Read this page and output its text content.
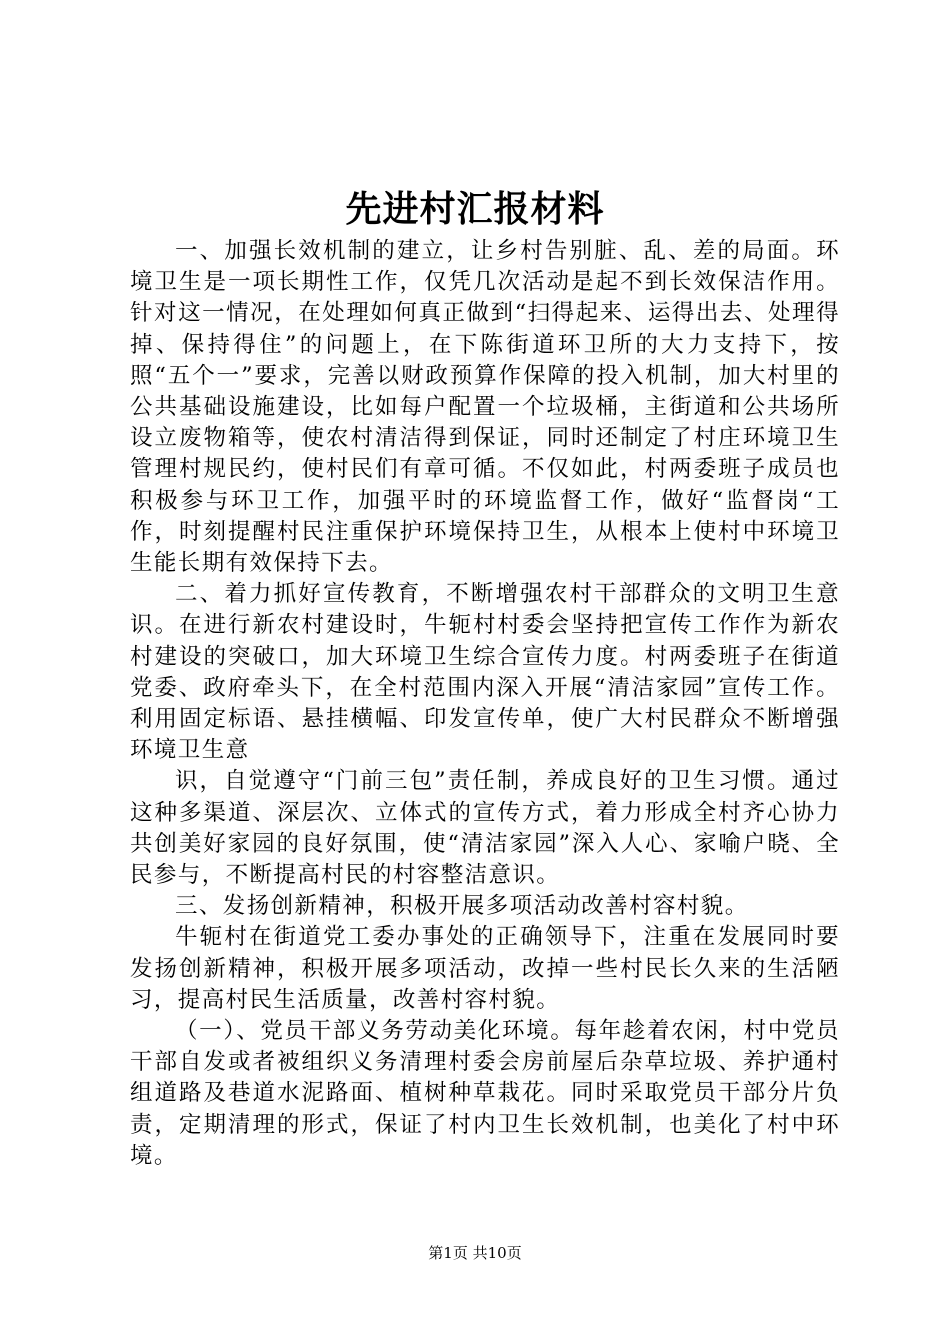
先进村汇报材料

一、加强长效机制的建立，让乡村告别脏、乱、差的局面。环境卫生是一项长期性工作，仅凭几次活动是起不到长效保洁作用。针对这一情况，在处理如何真正做到“扫得起来、运得出去、处理得掉、保持得住”的问题上，在下陈街道环卫所的大力支持下，按照“五个一”要求，完善以财政预算作保障的投入机制，加大村里的公共基础设施建设，比如每户配置一个垃圾桶，主街道和公共场所设立废物箱等，使农村清洁得到保证，同时还制定了村庄环境卫生管理村规民约，使村民们有章可循。不仅如此，村两委班子成员也积极参与环卫工作，加强平时的环境监督工作，做好“监督岗“工作，时刻提醒村民注重保护环境保持卫生，从根本上使村中环境卫生能长期有效保持下去。

二、着力抓好宣传教育，不断增强农村干部群众的文明卫生意识。在进行新农村建设时，牛轭村村委会坚持把宣传工作作为新农村建设的突破口，加大环境卫生综合宣传力度。村两委班子在街道党委、政府牵头下，在全村范围内深入开展“清洁家园”宣传工作。利用固定标语、悬挂横幅、印发宣传单，使广大村民群众不断增强环境卫生意

识，自觉遵守“门前三包”责任制，养成良好的卫生习惯。通过这种多渠道、深层次、立体式的宣传方式，着力形成全村齐心协力共创美好家园的良好氛围，使“清洁家园”深入人心、家喻户晓、全民参与，不断提高村民的村容整洁意识。

三、发扬创新精神，积极开展多项活动改善村容村貌。

牛轭村在街道党工委办事处的正确领导下，注重在发展同时要发扬创新精神，积极开展多项活动，改掉一些村民长久来的生活陋习，提高村民生活质量，改善村容村貌。

（一）、党员干部义务劳动美化环境。每年趁着农闲，村中党员干部自发或者被组织义务清理村委会房前屋后杂草垃圾、养护通村组道路及巷道水泥路面、植树种草栽花。同时采取党员干部分片负责，定期清理的形式，保证了村内卫生长效机制，也美化了村中环境。

第1页 共10页
